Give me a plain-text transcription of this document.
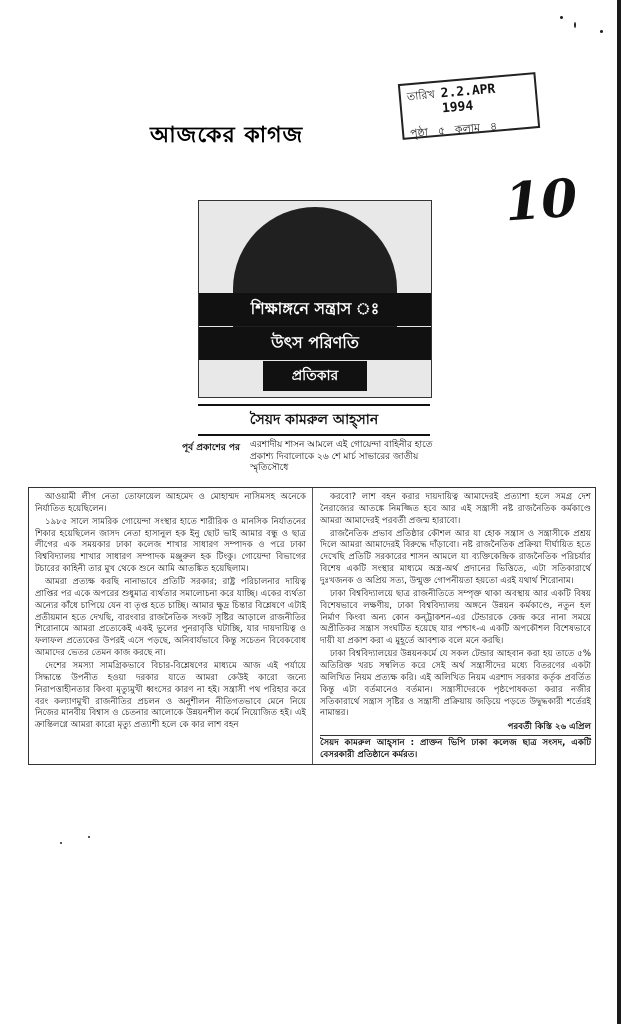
আজকের কাগজ
তারিখ 2.2.APR 1994
পৃষ্ঠা ৫ কলাম ৪
10
শিক্ষাঙ্গনে সন্ত্রাস ঃ
উৎস পরিণতি
প্রতিকার
সৈয়দ কামরুল আহ্‌সান
পূর্ব প্রকাশের পর এরশাদীয় শাসন আমলে এই গোয়েন্দা বাহিনীর হাতে প্রকাশ্য দিবালোকে ২৬ শে মার্চ সাভারের জাতীয় স্মৃতিসৌধে

আওয়ামী লীগ নেতা তোফায়েল আহমেদ ও মোহাম্মদ নাসিমসহ অনেকে নির্যাতিত হয়েছিলেন।

১৯৮৫ সালে সামরিক গোয়েন্দা সংস্থার হাতে শারীরিক ও মানসিক নির্যাতনের শিকার হয়েছিলেন জাসদ নেতা হাসানুল হক ইনু ছোট ভাই আমার বন্ধু ও ছাত্র লীগের এক সময়কার ঢাকা কলেজ শাখার সাধারণ সম্পাদক ও পরে ঢাকা বিশ্ববিদ্যালয় শাখার সাধারণ সম্পাদক মঞ্জুরুল হক টিংকু। গোয়েন্দা বিভাগের টচারের কাহিনী তার মুখ থেকে শুনে আমি আতঙ্কিত হয়েছিলাম।

আমরা প্রত্যক্ষ করছি নানাভাবে প্রতিটি সরকার; রাষ্ট্র পরিচালনার দায়িত্ব প্রাপ্তির পর একে অপরের শুধুমাত্র ব্যর্থতার সমালোচনা করে যাচ্ছি। একের ব্যর্থতা অন্যের কাঁধে চাপিয়ে যেন বা তৃপ্ত হতে চাচ্ছি। আমার ক্ষুদ্র চিন্তার বিশ্লেষণে এটাই প্রতীয়মান হতে দেখছি, বারংবার রাজনৈতিক সংকট সৃষ্টির আড়ালে রাজনীতির শিরোনামে আমরা প্রত্যেকেই একই ভুলের পুনরাবৃত্তি ঘটাচ্ছি, যার দায়দায়িত্ব ও ফলাফল প্রত্যেকের উপরই এসে পড়ছে, অনিবার্যভাবে কিন্তু সচেতন বিবেকবোধ আমাদের ভেতর তেমন কাজ করছে না।

দেশের সমস্যা সামগ্রিকভাবে বিচার-বিশ্লেষণের মাধ্যমে আজ এই পর্যায়ে সিদ্ধান্তে উপনীত হওয়া দরকার যাতে আমরা কেউই কারো জন্যে নিরাপত্তাহীনতার কিংবা মৃত্যুমুখী ধ্বংসের কারণ না হই। সন্ত্রাসী পথ পরিহার করে বরং কল্যাণমুখী রাজনীতির প্রচলন ও অনুশীলন নীতিগতভাবে মেনে নিয়ে নিজের মানবীয় বিশ্বাস ও চেতনার আলোকে উন্নয়নশীল কর্মে নিয়োজিত হই। এই ক্রান্তিলগ্নে আমরা কারো মৃত্যু প্রত্যাশী হলে কে কার লাশ বহন

করবো? লাশ বহন করার দায়দায়িত্ব আমাদেরই প্রত্যাশা হলে সমগ্র দেশ নৈরাজ্যের আতঙ্কে নিমজ্জিত হবে আর এই সন্ত্রাসী নষ্ট রাজনৈতিক কর্মকাণ্ডে আমরা আমাদেরই পরবর্তী প্রজন্ম হারাবো।

রাজনৈতিক প্রভাব প্রতিষ্ঠার কৌশল আর যা হোক সন্ত্রাস ও সন্ত্রাসীকে প্রশ্রয় দিলে আমরা আমাদেরই বিরুদ্ধে দাঁড়াবো। নষ্ট রাজনৈতিক প্রক্রিয়া দীর্ঘায়িত হতে দেখেছি প্রতিটি সরকারের শাসন আমলে যা ব্যক্তিকেন্দ্রিক রাজনৈতিক পরিচর্যার বিশেষ একটি সংস্থার মাধ্যমে অস্ত্র-অর্থ প্রদানের ভিত্তিতে, এটা সতিকারার্থে দুঃখজনক ও অপ্রিয় সত্য, উন্মুক্ত গোপনীয়তা হয়তো এরই যথার্থ শিরোনাম।

ঢাকা বিশ্ববিদ্যালয়ে ছাত্র রাজনীতিতে সম্পৃক্ত থাকা অবস্থায় আর একটি বিষয় বিশেষভাবে লক্ষণীয়, ঢাকা বিশ্ববিদ্যালয় অঙ্গনে উন্নয়ন কর্মকাণ্ডে, নতুন হল নির্মাণ কিংবা অন্য কোন কন্‌ট্রাকশন-এর টেন্ডারকে কেন্দ্র করে নানা সময়ে অপ্রীতিকর সন্ত্রাস সংঘটিত হয়েছে যার পশ্চাৎ-এ একটি অপকৌশল বিশেষভাবে দায়ী যা প্রকাশ করা এ মুহূর্তে আবশ্যক বলে মনে করছি।

ঢাকা বিশ্ববিদ্যালয়ের উন্নয়নকর্মে যে সকল টেন্ডার আহবান করা হয় তাতে ৫% অতিরিক্ত খরচ সম্বলিত করে সেই অর্থ সন্ত্রাসীদের মধ্যে বিতরণের একটা অলিখিত নিয়ম প্রত্যক্ষ করি। এই অলিখিত নিয়ম এরশাদ সরকার কর্তৃক প্রবর্তিত কিন্তু এটা বর্তমানেও বর্তমান। সন্ত্রাসীদেরকে পৃষ্ঠপোষকতা করার নজীর সতিকারার্থে সন্ত্রাস সৃষ্টির ও সন্ত্রাসী প্রক্রিয়ায় জড়িয়ে পড়তে উদ্বুদ্ধকারী শর্তেরই নামান্তর।

পরবর্তী কিস্তি ২৬ এপ্রিল

সৈয়দ কামরুল আহ্‌সান : প্রাক্তন ভিপি ঢাকা কলেজ ছাত্র সংসদ, একটি বেসরকারী প্রতিষ্ঠানে কর্মরত।
